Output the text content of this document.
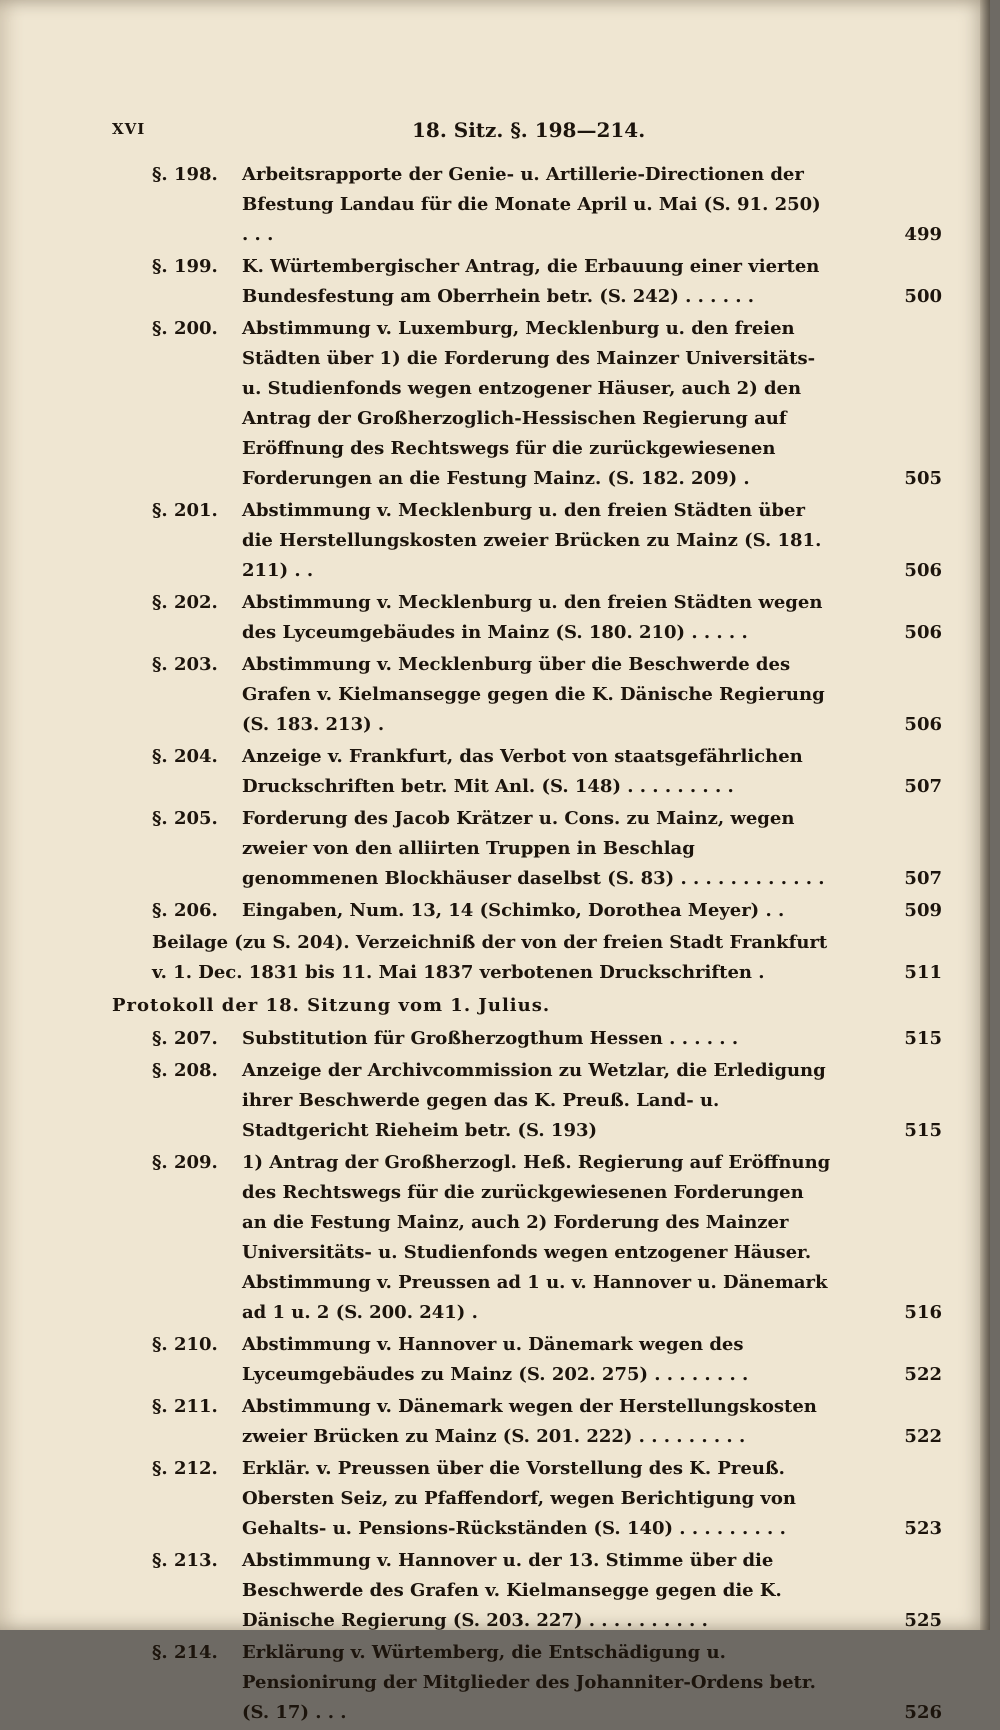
XVI	18. Sitz. §. 198—214.
§. 198.	Arbeitsrapporte der Genie- u. Artillerie-Directionen der Bfestung Landau für die Monate April u. Mai (S. 91. 250) . . .	499
§. 199.	K. Würtembergischer Antrag, die Erbauung einer vierten Bundesfestung am Oberrhein betr. (S. 242) . . . . . .	500
§. 200.	Abstimmung v. Luxemburg, Mecklenburg u. den freien Städten über 1) die Forderung des Mainzer Universitäts- u. Studienfonds wegen entzogener Häuser, auch 2) den Antrag der Großherzoglich-Hessischen Regierung auf Eröffnung des Rechtswegs für die zurückgewiesenen Forderungen an die Festung Mainz. (S. 182. 209) .	505
§. 201.	Abstimmung v. Mecklenburg u. den freien Städten über die Herstellungskosten zweier Brücken zu Mainz (S. 181. 211) . .	506
§. 202.	Abstimmung v. Mecklenburg u. den freien Städten wegen des Lyceumgebäudes in Mainz (S. 180. 210) . . . . .	506
§. 203.	Abstimmung v. Mecklenburg über die Beschwerde des Grafen v. Kielmansegge gegen die K. Dänische Regierung (S. 183. 213) .	506
§. 204.	Anzeige v. Frankfurt, das Verbot von staatsgefährlichen Druckschriften betr. Mit Anl. (S. 148) . . . . . . . . .	507
§. 205.	Forderung des Jacob Krätzer u. Cons. zu Mainz, wegen zweier von den alliirten Truppen in Beschlag genommenen Blockhäuser daselbst (S. 83) . . . . . . . . . . . .	507
§. 206.	Eingaben, Num. 13, 14 (Schimko, Dorothea Meyer) . .	509
Beilage (zu S. 204). Verzeichniß der von der freien Stadt Frankfurt v. 1. Dec. 1831 bis 11. Mai 1837 verbotenen Druckschriften .	511
Protokoll der 18. Sitzung vom 1. Julius.
§. 207.	Substitution für Großherzogthum Hessen . . . . . .	515
§. 208.	Anzeige der Archivcommission zu Wetzlar, die Erledigung ihrer Beschwerde gegen das K. Preuß. Land- u. Stadtgericht Rieheim betr. (S. 193)	515
§. 209.	1) Antrag der Großherzogl. Heß. Regierung auf Eröffnung des Rechtswegs für die zurückgewiesenen Forderungen an die Festung Mainz, auch 2) Forderung des Mainzer Universitäts- u. Studienfonds wegen entzogener Häuser. Abstimmung v. Preussen ad 1 u. v. Hannover u. Dänemark ad 1 u. 2 (S. 200. 241) .	516
§. 210.	Abstimmung v. Hannover u. Dänemark wegen des Lyceumgebäudes zu Mainz (S. 202. 275) . . . . . . . .	522
§. 211.	Abstimmung v. Dänemark wegen der Herstellungskosten zweier Brücken zu Mainz (S. 201. 222) . . . . . . . . .	522
§. 212.	Erklär. v. Preussen über die Vorstellung des K. Preuß. Obersten Seiz, zu Pfaffendorf, wegen Berichtigung von Gehalts- u. Pensions-Rückständen (S. 140) . . . . . . . . .	523
§. 213.	Abstimmung v. Hannover u. der 13. Stimme über die Beschwerde des Grafen v. Kielmansegge gegen die K. Dänische Regierung (S. 203. 227) . . . . . . . . . .	525
§. 214.	Erklärung v. Würtemberg, die Entschädigung u. Pensionirung der Mitglieder des Johanniter-Ordens betr. (S. 17) . . .	526
